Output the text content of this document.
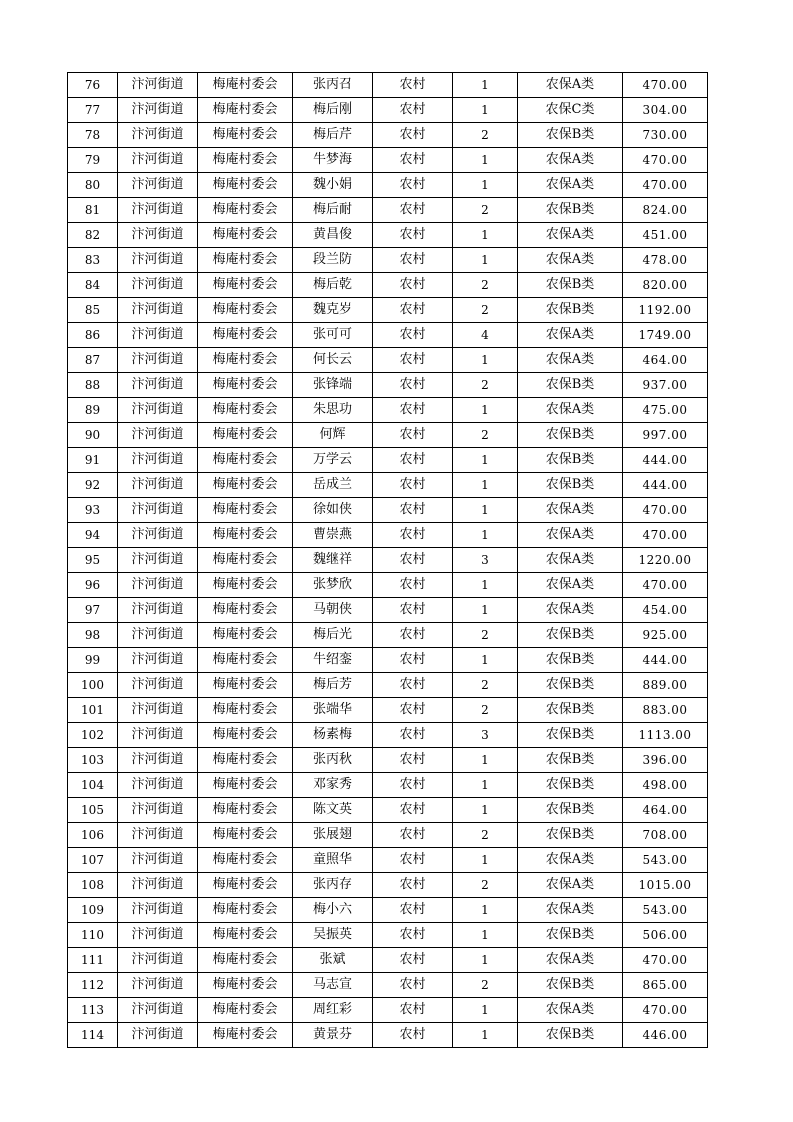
76	汴河街道	梅庵村委会	张丙召	农村	1	农保A类	470.00
77	汴河街道	梅庵村委会	梅后刚	农村	1	农保C类	304.00
78	汴河街道	梅庵村委会	梅后芹	农村	2	农保B类	730.00
79	汴河街道	梅庵村委会	牛梦海	农村	1	农保A类	470.00
80	汴河街道	梅庵村委会	魏小娟	农村	1	农保A类	470.00
81	汴河街道	梅庵村委会	梅后耐	农村	2	农保B类	824.00
82	汴河街道	梅庵村委会	黄昌俊	农村	1	农保A类	451.00
83	汴河街道	梅庵村委会	段兰防	农村	1	农保A类	478.00
84	汴河街道	梅庵村委会	梅后乾	农村	2	农保B类	820.00
85	汴河街道	梅庵村委会	魏克岁	农村	2	农保B类	1192.00
86	汴河街道	梅庵村委会	张可可	农村	4	农保A类	1749.00
87	汴河街道	梅庵村委会	何长云	农村	1	农保A类	464.00
88	汴河街道	梅庵村委会	张锋端	农村	2	农保B类	937.00
89	汴河街道	梅庵村委会	朱思功	农村	1	农保A类	475.00
90	汴河街道	梅庵村委会	何辉	农村	2	农保B类	997.00
91	汴河街道	梅庵村委会	万学云	农村	1	农保B类	444.00
92	汴河街道	梅庵村委会	岳成兰	农村	1	农保B类	444.00
93	汴河街道	梅庵村委会	徐如侠	农村	1	农保A类	470.00
94	汴河街道	梅庵村委会	曹崇燕	农村	1	农保A类	470.00
95	汴河街道	梅庵村委会	魏继祥	农村	3	农保A类	1220.00
96	汴河街道	梅庵村委会	张梦欣	农村	1	农保A类	470.00
97	汴河街道	梅庵村委会	马朝侠	农村	1	农保A类	454.00
98	汴河街道	梅庵村委会	梅后光	农村	2	农保B类	925.00
99	汴河街道	梅庵村委会	牛绍銮	农村	1	农保B类	444.00
100	汴河街道	梅庵村委会	梅后芳	农村	2	农保B类	889.00
101	汴河街道	梅庵村委会	张端华	农村	2	农保B类	883.00
102	汴河街道	梅庵村委会	杨素梅	农村	3	农保B类	1113.00
103	汴河街道	梅庵村委会	张丙秋	农村	1	农保B类	396.00
104	汴河街道	梅庵村委会	邓家秀	农村	1	农保B类	498.00
105	汴河街道	梅庵村委会	陈文英	农村	1	农保B类	464.00
106	汴河街道	梅庵村委会	张展翅	农村	2	农保B类	708.00
107	汴河街道	梅庵村委会	童照华	农村	1	农保A类	543.00
108	汴河街道	梅庵村委会	张丙存	农村	2	农保A类	1015.00
109	汴河街道	梅庵村委会	梅小六	农村	1	农保A类	543.00
110	汴河街道	梅庵村委会	吴振英	农村	1	农保B类	506.00
111	汴河街道	梅庵村委会	张斌	农村	1	农保A类	470.00
112	汴河街道	梅庵村委会	马志宣	农村	2	农保B类	865.00
113	汴河街道	梅庵村委会	周红彩	农村	1	农保A类	470.00
114	汴河街道	梅庵村委会	黄景芬	农村	1	农保B类	446.00
